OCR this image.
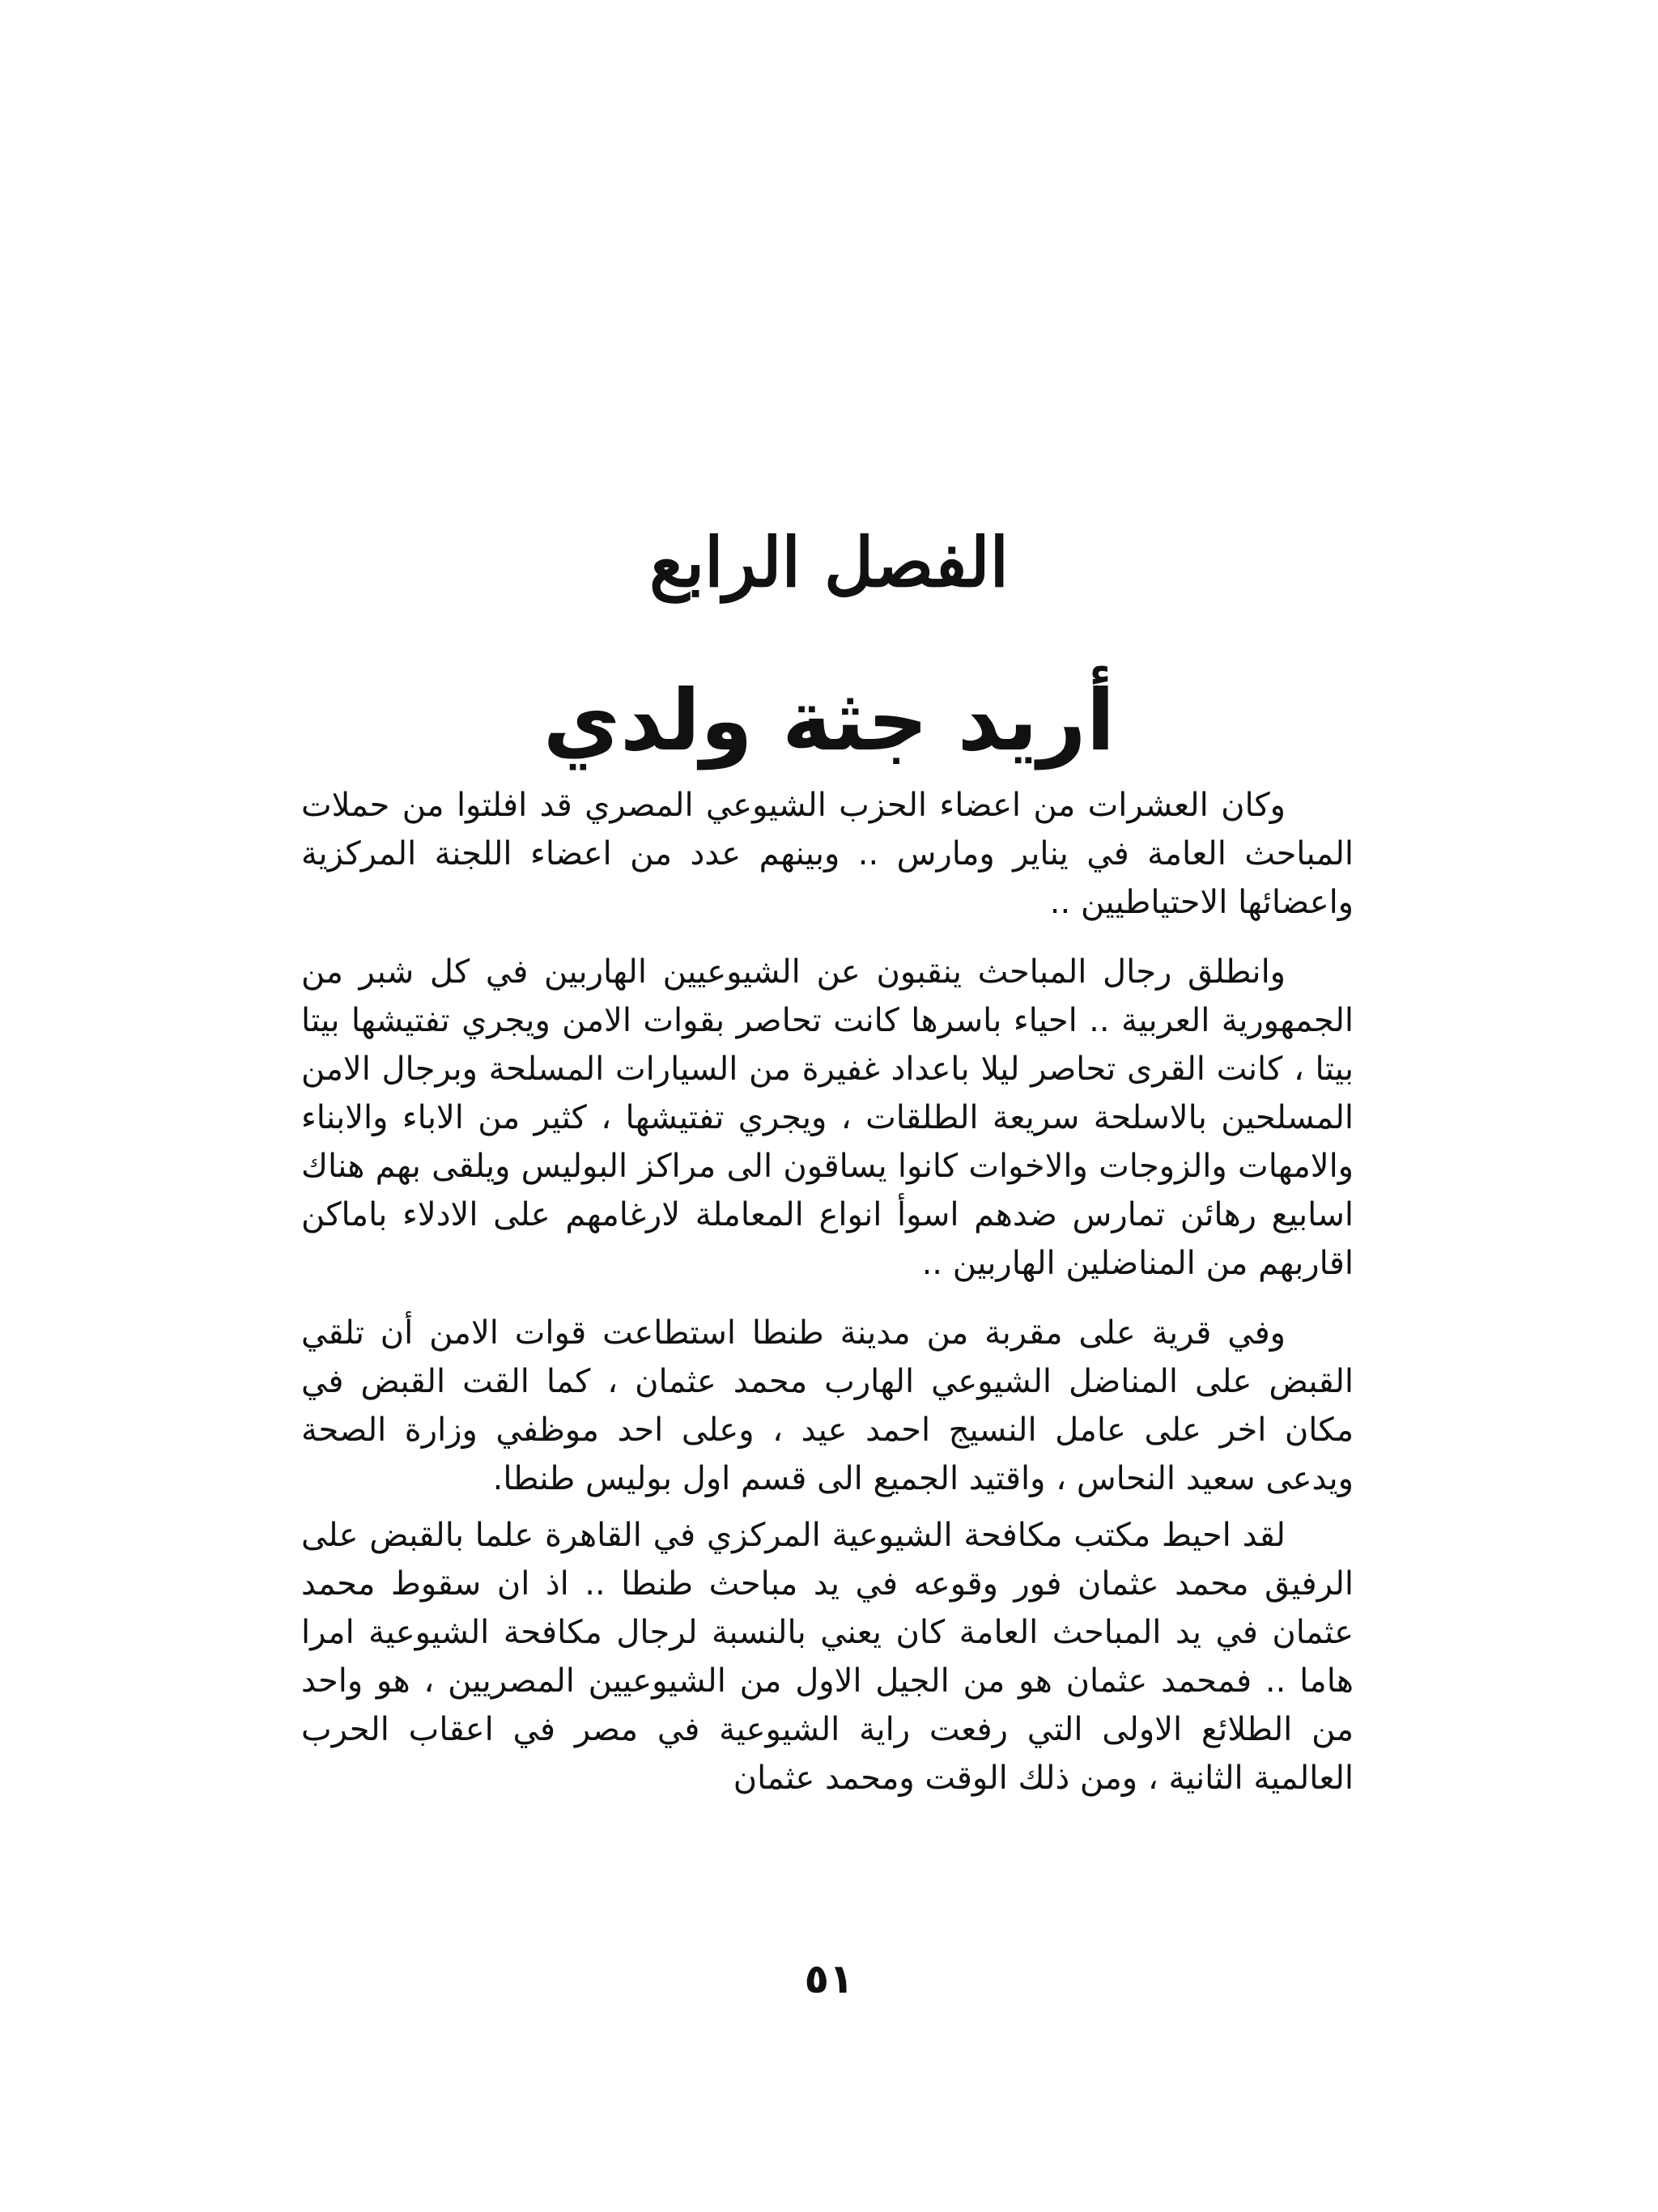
الفصل الرابع
أريد جثة ولدي

وكان العشرات من اعضاء الحزب الشيوعي المصري قد افلتوا من حملات المباحث العامة في يناير ومارس .. وبينهم عدد من اعضاء اللجنة المركزية واعضائها الاحتياطيين ..

وانطلق رجال المباحث ينقبون عن الشيوعيين الهاربين في كل شبر من الجمهورية العربية .. احياء باسرها كانت تحاصر بقوات الامن ويجري تفتيشها بيتا بيتا ، كانت القرى تحاصر ليلا باعداد غفيرة من السيارات المسلحة وبرجال الامن المسلحين بالاسلحة سريعة الطلقات ، ويجري تفتيشها ، كثير من الاباء والابناء والامهات والزوجات والاخوات كانوا يساقون الى مراكز البوليس ويلقى بهم هناك اسابيع رهائن تمارس ضدهم اسوأ انواع المعاملة لارغامهم على الادلاء باماكن اقاربهم من المناضلين الهاربين ..

وفي قرية على مقربة من مدينة طنطا استطاعت قوات الامن أن تلقي القبض على المناضل الشيوعي الهارب محمد عثمان ، كما القت القبض في مكان اخر على عامل النسيج احمد عيد ، وعلى احد موظفي وزارة الصحة ويدعى سعيد النحاس ، واقتيد الجميع الى قسم اول بوليس طنطا.

لقد احيط مكتب مكافحة الشيوعية المركزي في القاهرة علما بالقبض على الرفيق محمد عثمان فور وقوعه في يد مباحث طنطا .. اذ ان سقوط محمد عثمان في يد المباحث العامة كان يعني بالنسبة لرجال مكافحة الشيوعية امرا هاما .. فمحمد عثمان هو من الجيل الاول من الشيوعيين المصريين ، هو واحد من الطلائع الاولى التي رفعت راية الشيوعية في مصر في اعقاب الحرب العالمية الثانية ، ومن ذلك الوقت ومحمد عثمان

٥١
